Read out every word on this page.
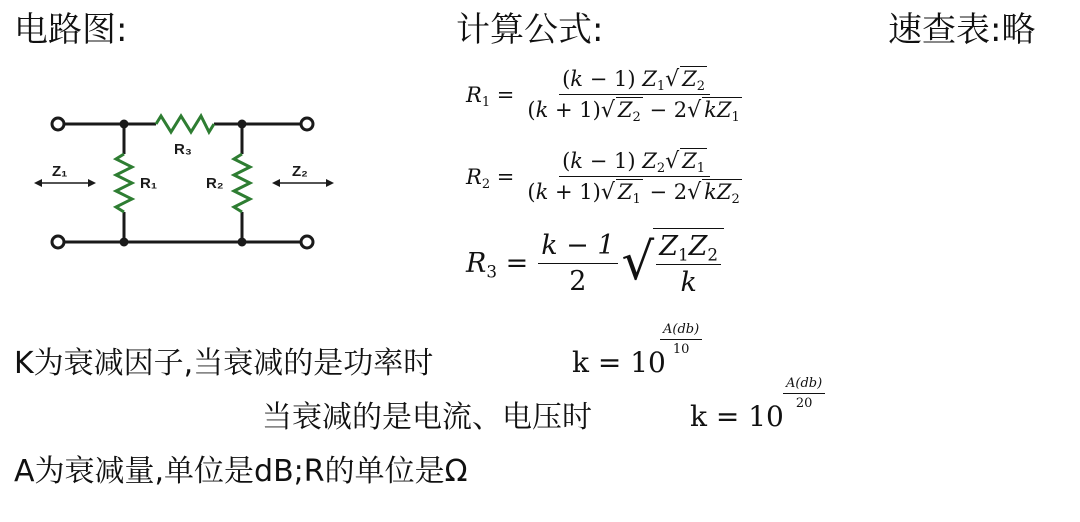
电路图:	计算公式:	速查表:略
Z₁
R₁
R₃
R₂
Z₂
$R_1 = \frac{(k - 1) Z_1√ Z_2}{(k + 1)√ Z_2 - 2√ kZ_1}$
$R_2 = \frac{(k - 1) Z_2√ Z_1}{(k + 1)√ Z_1 - 2√ kZ_2}$
$R_3 = \frac{k - 1}{2}$ √ $\frac{Z_1Z_2}{k}$
K为衰减因子,当衰减的是功率时	k = 10
$\frac{A(db)}{10}$
当衰减的是电流、电压时	k = 10
$\frac{A(db)}{20}$
A为衰减量,单位是dB;R的单位是Ω
